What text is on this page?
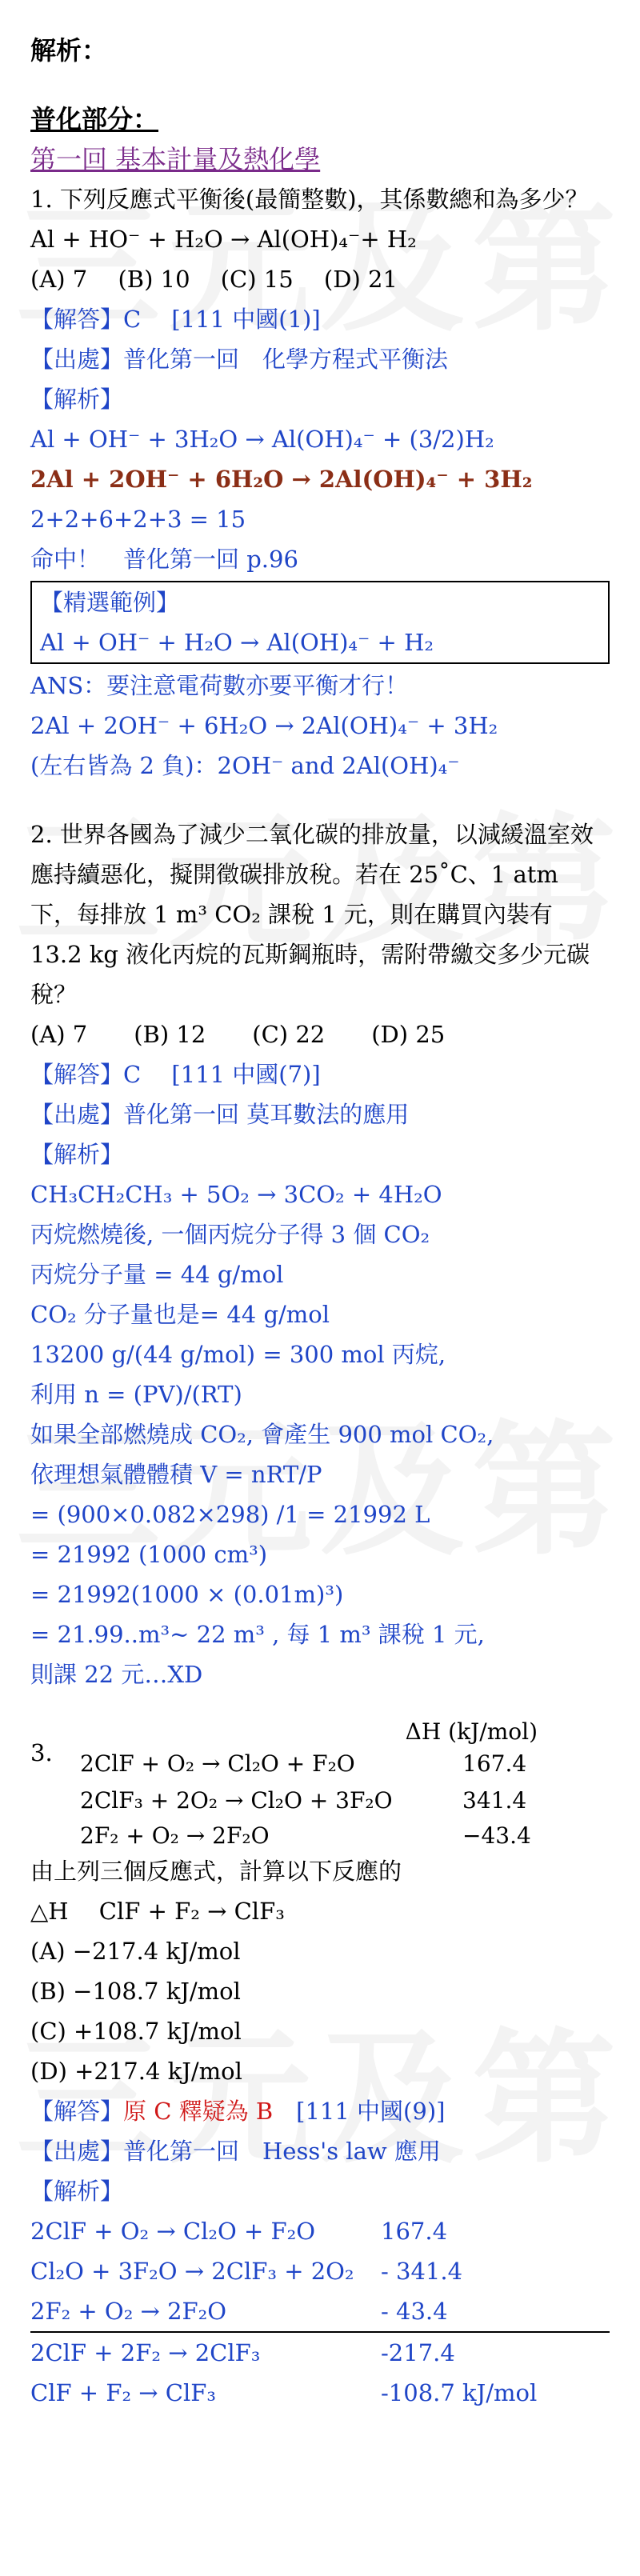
解析：
普化部分：
第一回 基本計量及熱化學
1. 下列反應式平衡後(最簡整數)，其係數總和為多少？
Al + HO⁻ + H₂O → Al(OH)₄⁻+ H₂
(A) 7　 (B) 10　 (C) 15　 (D) 21
【解答】C　 [111 中國(1)]
【出處】普化第一回　化學方程式平衡法
【解析】
Al + OH⁻ + 3H₂O → Al(OH)₄⁻ + (3/2)H₂
2Al + 2OH⁻ + 6H₂O → 2Al(OH)₄⁻ + 3H₂
2+2+6+2+3 = 15
命中！　普化第一回 p.96
【精選範例】
Al + OH⁻ + H₂O → Al(OH)₄⁻ + H₂
ANS：要注意電荷數亦要平衡才行！
2Al + 2OH⁻ + 6H₂O → 2Al(OH)₄⁻ + 3H₂
(左右皆為 2 負)：2OH⁻ and 2Al(OH)₄⁻
2. 世界各國為了減少二氧化碳的排放量，以減緩溫室效應持續惡化，擬開徵碳排放稅。若在 25˚C、1 atm 下，每排放 1 m³ CO₂ 課稅 1 元，則在購買內裝有 13.2 kg 液化丙烷的瓦斯鋼瓶時，需附帶繳交多少元碳稅？
(A) 7　　(B) 12　　(C) 22　　(D) 25
【解答】C　 [111 中國(7)]
【出處】普化第一回 莫耳數法的應用
【解析】
CH₃CH₂CH₃ + 5O₂ → 3CO₂ + 4H₂O
丙烷燃燒後, 一個丙烷分子得 3 個 CO₂
丙烷分子量 = 44 g/mol
CO₂ 分子量也是= 44 g/mol
13200 g/(44 g/mol) = 300 mol 丙烷,
利用 n = (PV)/(RT)
如果全部燃燒成 CO₂, 會產生 900 mol CO₂,
依理想氣體體積 V = nRT/P
= (900×0.082×298) /1 = 21992 L
= 21992 (1000 cm³)
= 21992(1000 × (0.01m)³)
= 21.99..m³~ 22 m³ , 每 1 m³ 課稅 1 元,
則課 22 元…XD
ΔH (kJ/mol)
3. 2ClF + O₂ → Cl₂O + F₂O	167.4
2ClF₃ + 2O₂ → Cl₂O + 3F₂O	341.4
2F₂ + O₂ → 2F₂O	−43.4
由上列三個反應式，計算以下反應的
△H　 ClF + F₂ → ClF₃
(A) −217.4 kJ/mol
(B) −108.7 kJ/mol
(C) +108.7 kJ/mol
(D) +217.4 kJ/mol
【解答】原 C 釋疑為 B　[111 中國(9)]
【出處】普化第一回　Hess's law 應用
【解析】
2ClF + O₂ → Cl₂O + F₂O	167.4
Cl₂O + 3F₂O → 2ClF₃ + 2O₂	- 341.4
2F₂ + O₂ → 2F₂O	- 43.4
2ClF + 2F₂ → 2ClF₃	-217.4
ClF + F₂ → ClF₃	-108.7 kJ/mol
